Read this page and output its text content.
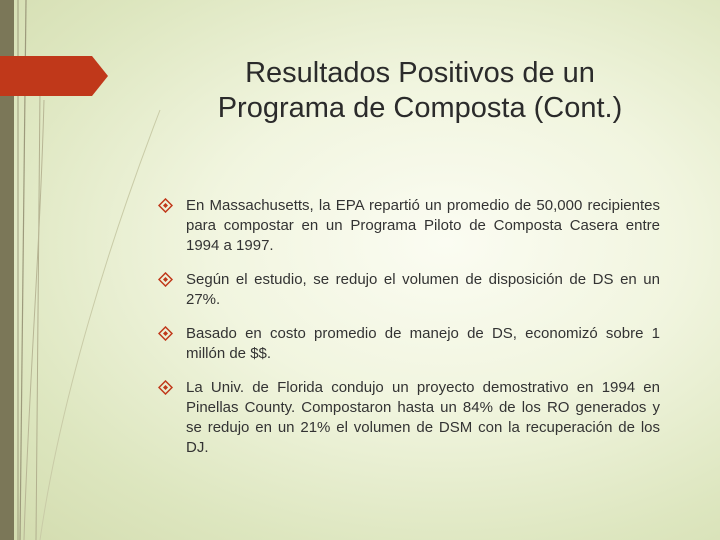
Resultados Positivos de un
Programa de Composta (Cont.)
En Massachusetts, la EPA repartió un promedio de 50,000 recipientes para compostar en un Programa Piloto de Composta Casera entre 1994 a 1997.
Según el estudio, se redujo el volumen de disposición de DS en un 27%.
Basado en costo promedio de manejo de DS, economizó sobre 1 millón de $$.
La Univ. de Florida condujo un proyecto demostrativo en 1994 en Pinellas County. Compostaron hasta un 84% de los RO generados y se redujo en un 21% el volumen de DSM con la recuperación de los DJ.
